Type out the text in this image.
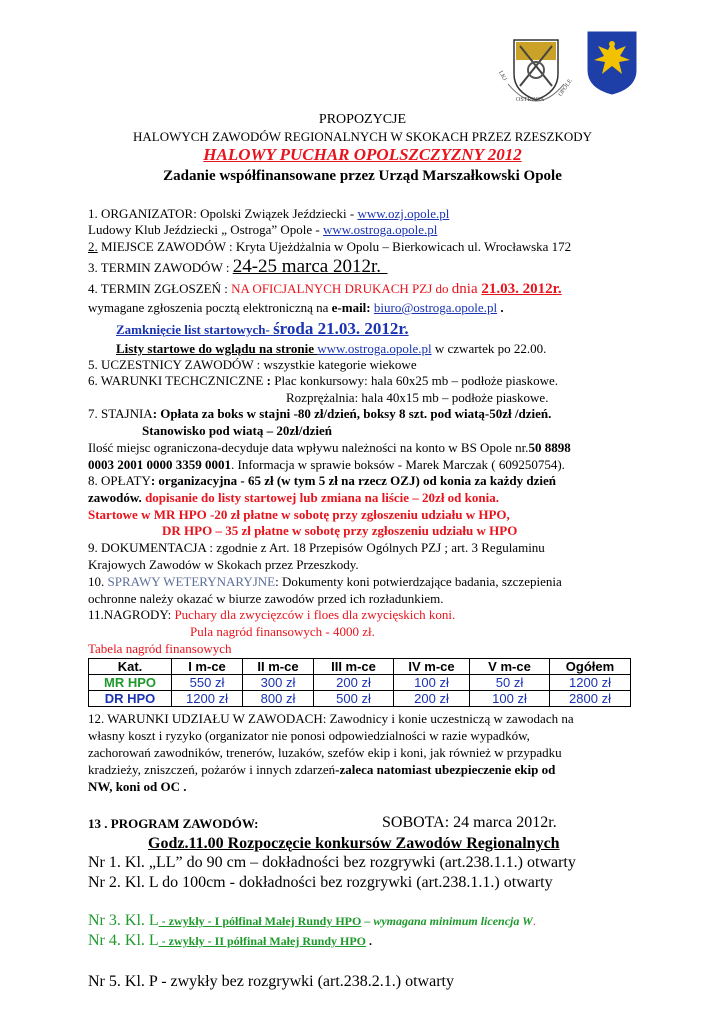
LKJ
OSTROGA
OPOLE
PROPOZYCJE
HALOWYCH ZAWODÓW REGIONALNYCH W SKOKACH PRZEZ RZESZKODY
HALOWY PUCHAR OPOLSZCZYZNY 2012
Zadanie współfinansowane przez Urząd Marszałkowski Opole
1. ORGANIZATOR: Opolski Związek Jeździecki - www.ozj.opole.pl
Ludowy Klub Jeździecki „ Ostroga” Opole - www.ostroga.opole.pl
2. MIEJSCE ZAWODÓW : Kryta Ujeżdżalnia w Opolu – Bierkowicach ul. Wrocławska 172
3. TERMIN ZAWODÓW : 24-25 marca 2012r.
4. TERMIN ZGŁOSZEŃ : NA OFICJALNYCH DRUKACH PZJ do dnia 21.03. 2012r.
wymagane zgłoszenia pocztą elektroniczną na e-mail: biuro@ostroga.opole.pl .
Zamknięcie list startowych- środa 21.03. 2012r.
Listy startowe do wglądu na stronie www.ostroga.opole.pl w czwartek po 22.00.
5. UCZESTNICY ZAWODÓW : wszystkie kategorie wiekowe
6. WARUNKI TECHCZNICZNE : Plac konkursowy: hala 60x25 mb – podłoże piaskowe.
Rozprężalnia: hala 40x15 mb – podłoże piaskowe.
7. STAJNIA: Opłata za boks w stajni -80 zł/dzień, boksy 8 szt. pod wiatą-50zł /dzień.
Stanowisko pod wiatą – 20zł/dzień
Ilość miejsc ograniczona-decyduje data wpływu należności na konto w BS Opole nr.50 8898
0003 2001 0000 3359 0001. Informacja w sprawie boksów - Marek Marczak ( 609250754).
8. OPŁATY: organizacyjna - 65 zł (w tym 5 zł na rzecz OZJ) od konia za każdy dzień
zawodów. dopisanie do listy startowej lub zmiana na liście – 20zł od konia.
Startowe w MR HPO -20 zł płatne w sobotę przy zgłoszeniu udziału w HPO,
DR HPO – 35 zł płatne w sobotę przy zgłoszeniu udziału w HPO
9. DOKUMENTACJA : zgodnie z Art. 18 Przepisów Ogólnych PZJ ; art. 3 Regulaminu
Krajowych Zawodów w Skokach przez Przeszkody.
10. SPRAWY WETERYNARYJNE: Dokumenty koni potwierdzające badania, szczepienia
ochronne należy okazać w biurze zawodów przed ich rozładunkiem.
11.NAGRODY: Puchary dla zwycięzców i floes dla zwycięskich koni.
Pula nagród finansowych - 4000 zł.
Tabela nagród finansowych
Kat.	I m-ce	II m-ce	III m-ce	IV m-ce	V m-ce	Ogółem
MR HPO	550 zł	300 zł	200 zł	100 zł	50 zł	1200 zł
DR HPO	1200 zł	800 zł	500 zł	200 zł	100 zł	2800 zł
12. WARUNKI UDZIAŁU W ZAWODACH: Zawodnicy i konie uczestniczą w zawodach na
własny koszt i ryzyko (organizator nie ponosi odpowiedzialności w razie wypadków,
zachorowań zawodników, trenerów, luzaków, szefów ekip i koni, jak również w przypadku
kradzieży, zniszczeń, pożarów i innych zdarzeń-zaleca natomiast ubezpieczenie ekip od
NW, koni od OC .
13 . PROGRAM ZAWODÓW:	SOBOTA: 24 marca 2012r.
Godz.11.00 Rozpoczęcie konkursów Zawodów Regionalnych
Nr 1. Kl. „LL” do 90 cm – dokładności bez rozgrywki (art.238.1.1.) otwarty
Nr 2. Kl. L do 100cm - dokładności bez rozgrywki (art.238.1.1.) otwarty
Nr 3. Kl. L - zwykły - I półfinał Małej Rundy HPO – wymagana minimum licencja W.
Nr 4. Kl. L - zwykły - II półfinał Małej Rundy HPO .
Nr 5. Kl. P - zwykły bez rozgrywki (art.238.2.1.) otwarty
